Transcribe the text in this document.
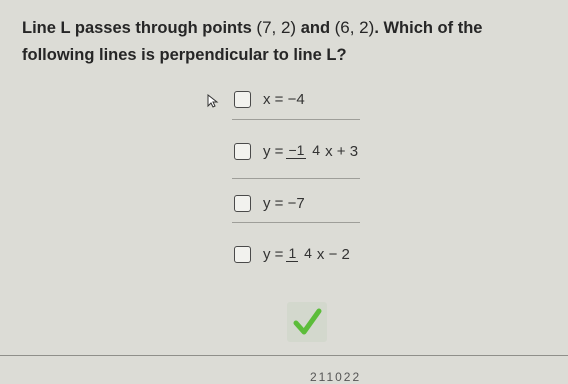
Line L passes through points (7, 2) and (6, 2). Which of the following lines is perpendicular to line L?
x = −4
y = −1 4 x + 3
y = −7
y = 1 4 x − 2
211022
